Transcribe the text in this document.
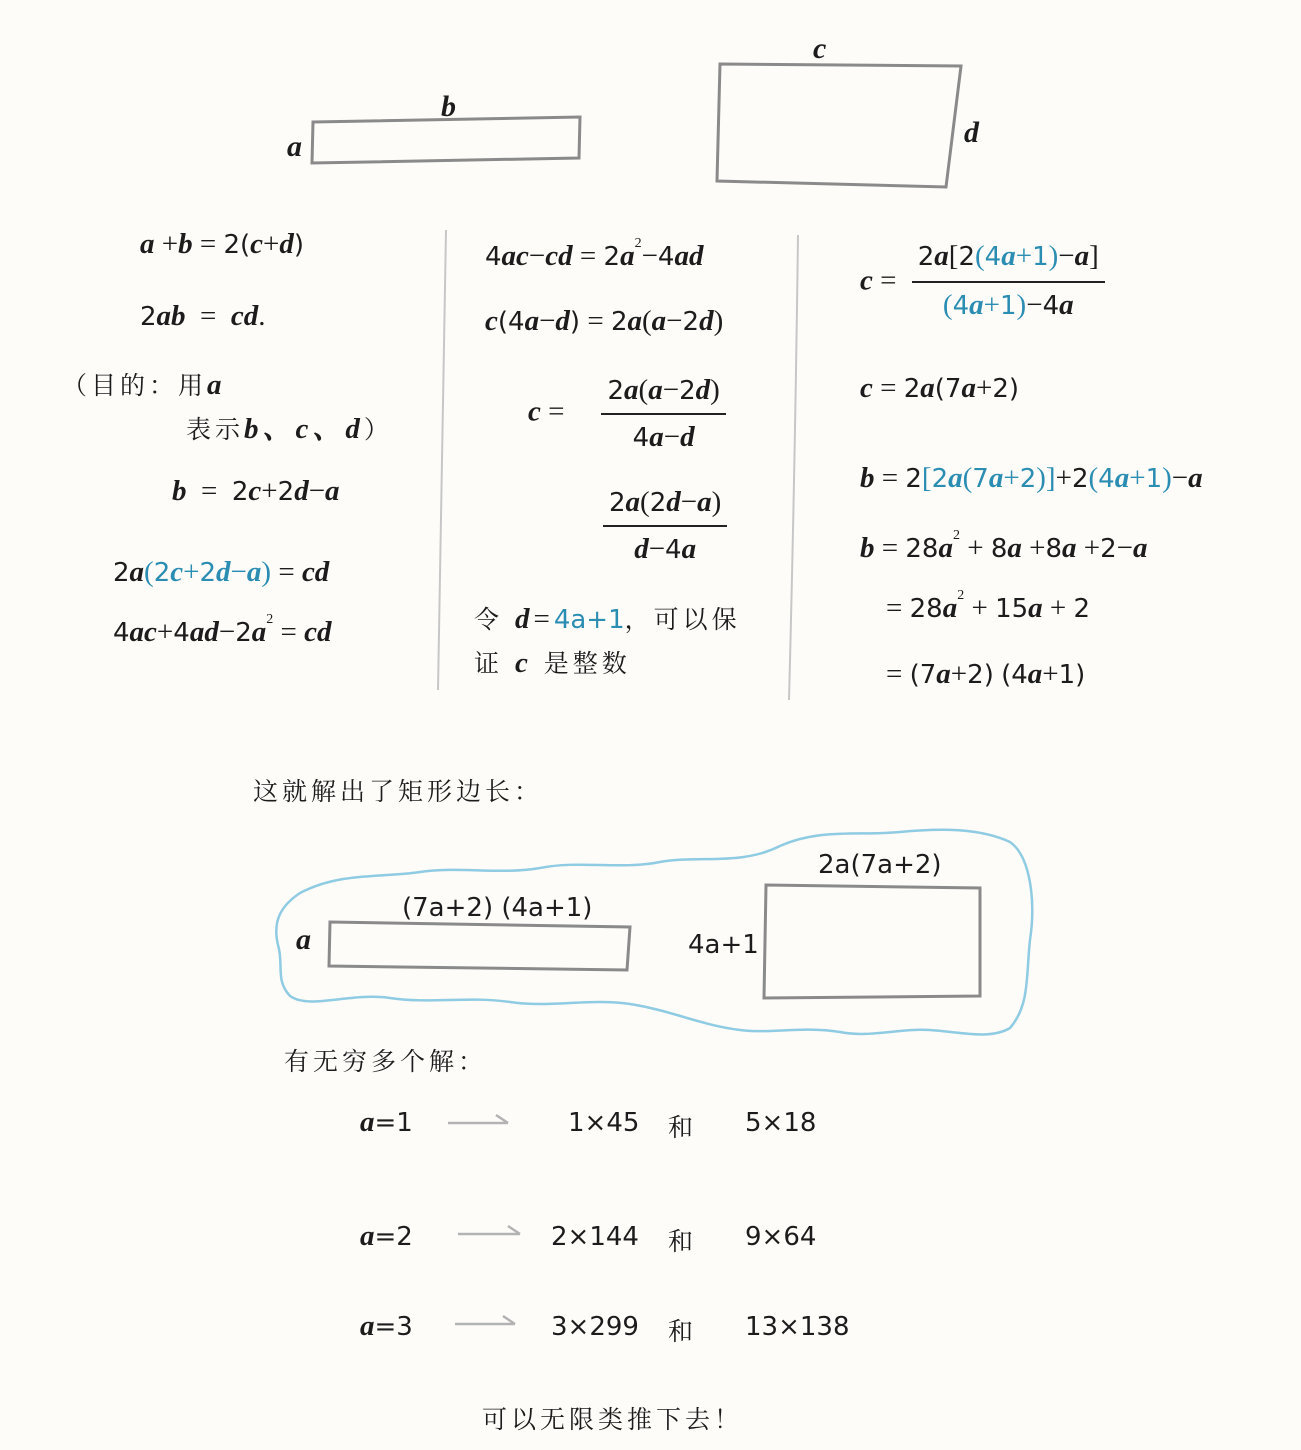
a
b
c
d
a +b = 2(c+d)
2ab  =  cd.
（目的：用a
表示b、c、d）
b  =  2c+2d−a
2a(2c+2d−a) = cd
$4ac+4ad-2a^2$ = cd
$4ac-cd = 2a^2-4ad$
c(4a−d) = 2a(a−2d)
$c = \frac{2a(a-2d)}{4a-d}$
$\frac{2a(2d-a)}{d-4a}$
令 d=4a+1，可以保
证 c 是整数
$c = \frac{2a[2(4a+1)-a]}{(4a+1)-4a}$
c = 2a(7a+2)
b = 2[2a(7a+2)]+2(4a+1)−a
$b = 28a^2 + 8a +8a +2-a$
= $28a^2 + 15a + 2$
= (7a+2) (4a+1)
这就解出了矩形边长：
a
(7a+2) (4a+1)
2a(7a+2)
4a+1
有无穷多个解：
a=1	1×45 和 5×18
a=2	2×144 和 9×64
a=3	3×299 和 13×138
可以无限类推下去！
